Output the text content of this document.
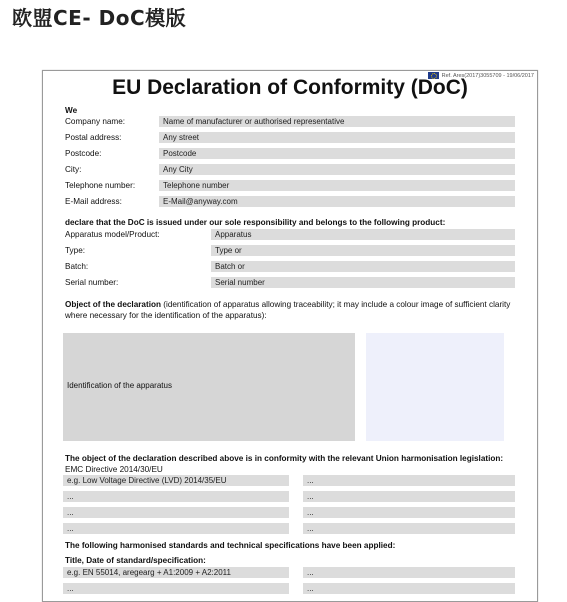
欧盟CE- DoC模版
Ref. Ares(2017)3055709 - 19/06/2017
EU Declaration of Conformity (DoC)
We
Company name:	Name of manufacturer or authorised representative
Postal address:	Any street
Postcode:	Postcode
City:	Any City
Telephone number:	Telephone number
E-Mail address:	E-Mail@anyway.com
declare that the DoC is issued under our sole responsibility and belongs to the following product:
Apparatus model/Product:	Apparatus
Type:	Type or
Batch:	Batch or
Serial number:	Serial number
Object of the declaration (identification of apparatus allowing traceability; it may include a colour image of sufficient clarity where necessary for the identification of the apparatus):
Identification of the apparatus
The object of the declaration described above is in conformity with the relevant Union harmonisation legislation:
EMC Directive 2014/30/EU
e.g. Low Voltage Directive (LVD) 2014/35/EU	...
...	...
...	...
...	...
The following harmonised standards and technical specifications have been applied:
Title, Date of standard/specification:
e.g. EN 55014, aregearg + A1:2009 + A2:2011	...
...	...
